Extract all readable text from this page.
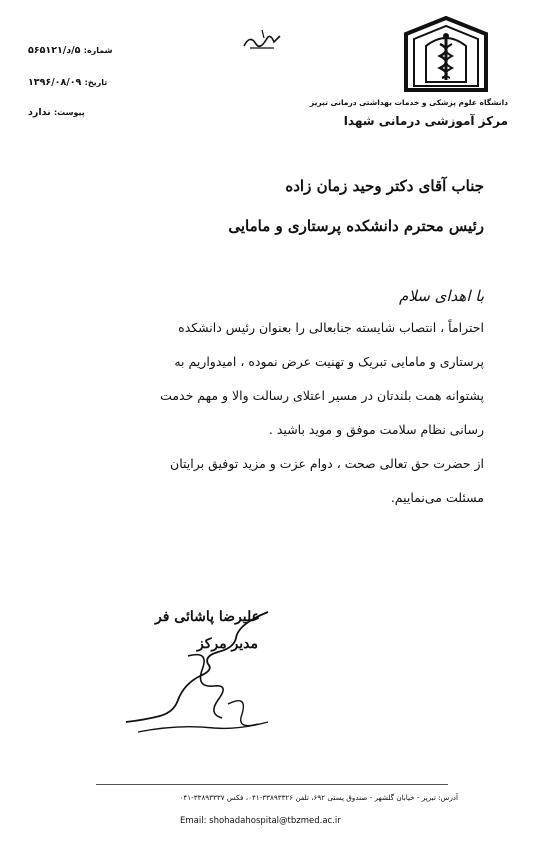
دانشگاه علوم پزشکی و خدمات بهداشتی درمانی تبریز
مرکز آموزشی درمانی شهدا
شماره: ۵/د/۵۶۵۱۲۱
تاریخ: ۱۳۹۶/۰۸/۰۹
پیوست: ندارد
جناب آقای دکتر وحید زمان زاده
رئیس محترم دانشکده پرستاری و مامایی
با اهدای سلام
احتراماً ، انتصاب شایسته جنابعالی را بعنوان رئیس دانشکده
پرستاری و مامایی تبریک و تهنیت عرض نموده ، امیدواریم به
پشتوانه همت بلندتان در مسیر اعتلای رسالت والا و مهم خدمت
رسانی نظام سلامت موفق و موید باشید .
از حضرت حق تعالی صحت ، دوام عزت و مزید توفیق برایتان
مسئلت می‌نماییم.
علیرضا پاشائی فر
مدیر مرکز
آدرس: تبریز - خیابان گلشهر - صندوق پستی ۶۹۲، تلفن ۳۳۸۹۳۳۲۶-۰۴۱، فکس ۳۳۸۹۳۳۳۷-۰۴۱
Email: shohadahospital@tbzmed.ac.ir
